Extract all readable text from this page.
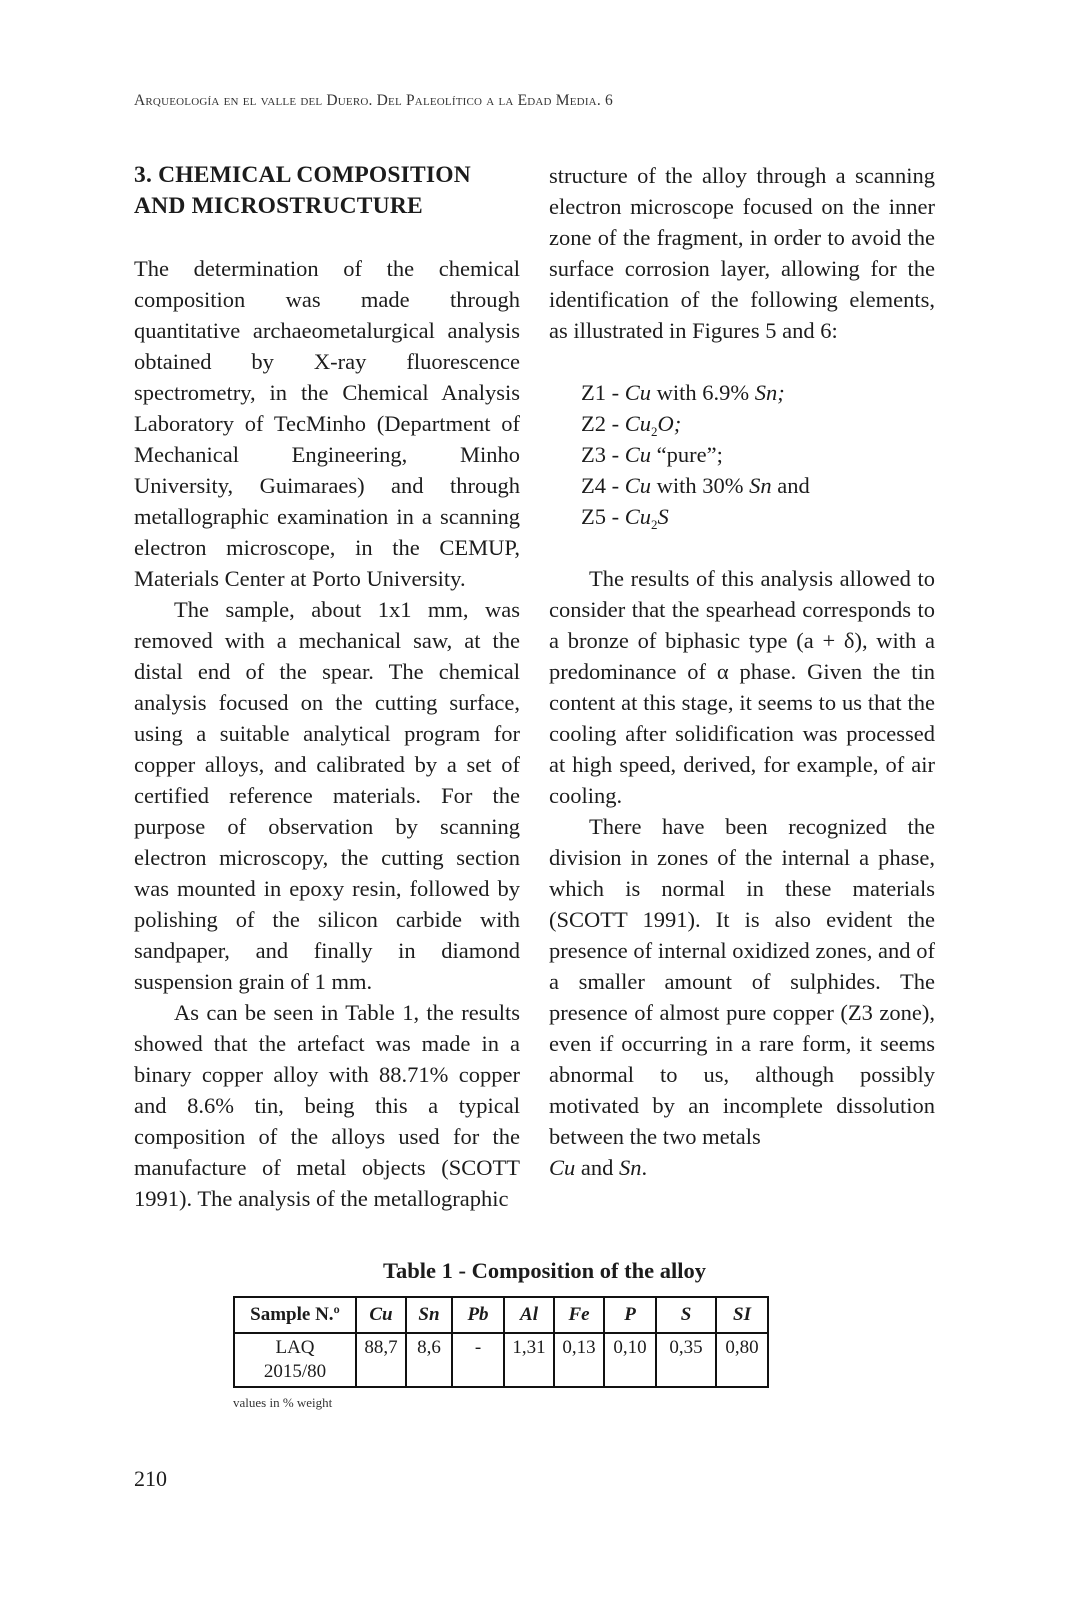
Arqueología en el valle del Duero. Del Paleolítico a la Edad Media. 6
3. CHEMICAL COMPOSITION
AND MICROSTRUCTURE

The determination of the chemical composition was made through quantitative archaeometalurgical analysis obtained by X-ray fluorescence spectrometry, in the Chemical Analysis Laboratory of TecMinho (Department of Mechanical Engineering, Minho University, Guimaraes) and through metallographic examination in a scanning electron microscope, in the CEMUP, Materials Center at Porto University.

The sample, about 1x1 mm, was removed with a mechanical saw, at the distal end of the spear. The chemical analysis focused on the cutting surface, using a suitable analytical program for copper alloys, and calibrated by a set of certified reference materials. For the purpose of observation by scanning electron microscopy, the cutting section was mounted in epoxy resin, followed by polishing of the silicon carbide with sandpaper, and finally in diamond suspension grain of 1 mm.

As can be seen in Table 1, the results showed that the artefact was made in a binary copper alloy with 88.71% copper and 8.6% tin, being this a typical composition of the alloys used for the manufacture of metal objects (SCOTT 1991). The analysis of the metallographic

structure of the alloy through a scanning electron microscope focused on the inner zone of the fragment, in order to avoid the surface corrosion layer, allowing for the identification of the following elements, as illustrated in Figures 5 and 6:

Z1 - Cu with 6.9% Sn;
$Z2 - Cu_2O$;
Z3 - Cu “pure”;
Z4 - Cu with 30% Sn and
$Z5 - Cu_2S$

The results of this analysis allowed to consider that the spearhead corresponds to a bronze of biphasic type (a + δ), with a predominance of α phase. Given the tin content at this stage, it seems to us that the cooling after solidification was processed at high speed, derived, for example, of air cooling.

There have been recognized the division in zones of the internal a phase, which is normal in these materials (SCOTT 1991). It is also evident the presence of internal oxidized zones, and of a smaller amount of sulphides. The presence of almost pure copper (Z3 zone), even if occurring in a rare form, it seems abnormal to us, although possibly motivated by an incomplete dissolution between the two metals

Cu and Sn.

Table 1 - Composition of the alloy
Sample N.º	Cu	Sn	Pb	Al	Fe	P	S	SI

LAQ
2015/80	88,7	8,6	-	1,31	0,13	0,10	0,35	0,80
values in % weight
210
